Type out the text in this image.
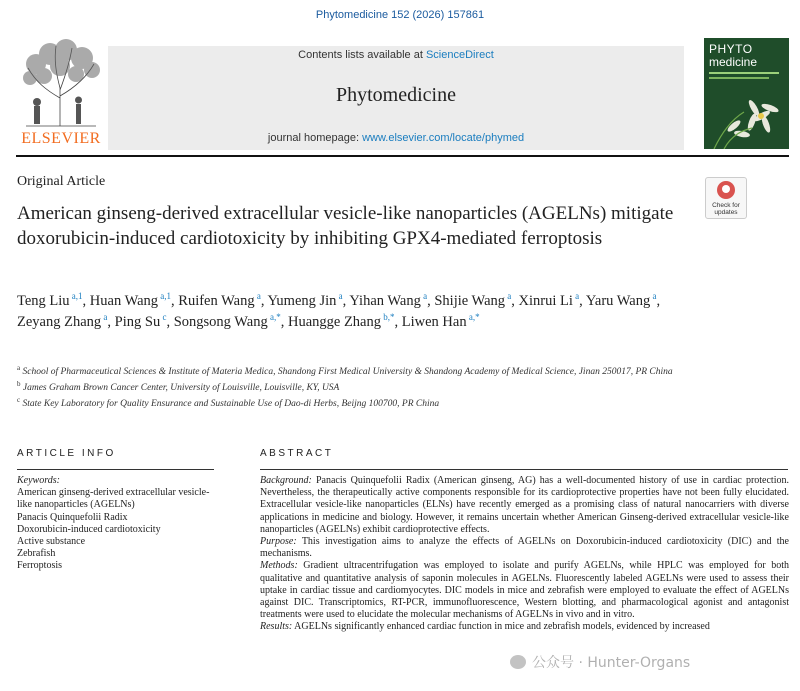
Phytomedicine 152 (2026) 157861
ELSEVIER
Contents lists available at ScienceDirect
Phytomedicine
journal homepage: www.elsevier.com/locate/phymed
PHYTO
medicine
Original Article
Check for updates
American ginseng-derived extracellular vesicle-like nanoparticles (AGELNs) mitigate doxorubicin-induced cardiotoxicity by inhibiting GPX4-mediated ferroptosis
Teng Liu $^{a,1}$, Huan Wang $^{a,1}$, Ruifen Wang $^a$, Yumeng Jin $^a$, Yihan Wang $^a$, Shijie Wang $^a$, Xinrui Li $^a$, Yaru Wang $^a$, Zeyang Zhang $^a$, Ping Su $^c$, Songsong Wang $^{a,*}$, Huangge Zhang $^{b,*}$, Liwen Han $^{a,*}$

$^a$ School of Pharmaceutical Sciences & Institute of Materia Medica, Shandong First Medical University & Shandong Academy of Medical Science, Jinan 250017, PR China

$^b$ James Graham Brown Cancer Center, University of Louisville, Louisville, KY, USA

$^c$ State Key Laboratory for Quality Ensurance and Sustainable Use of Dao-di Herbs, Beijng 100700, PR China

ARTICLE INFO	ABSTRACT
Keywords:
American ginseng-derived extracellular vesicle-like nanoparticles (AGELNs)
Panacis Quinquefolii Radix
Doxorubicin-induced cardiotoxicity
Active substance
Zebrafish
Ferroptosis

Background: Panacis Quinquefolii Radix (American ginseng, AG) has a well-documented history of use in cardiac protection. Nevertheless, the therapeutically active components responsible for its cardioprotective properties have not been fully elucidated. Extracellular vesicle-like nanoparticles (ELNs) have recently emerged as a promising class of natural nanocarriers with diverse applications in medicine and biology. However, it remains uncertain whether American Ginseng-derived extracellular vesicle-like nanoparticles (AGELNs) exhibit cardioprotective effects.

Purpose: This investigation aims to analyze the effects of AGELNs on Doxorubicin-induced cardiotoxicity (DIC) and the mechanisms.

Methods: Gradient ultracentrifugation was employed to isolate and purify AGELNs, while HPLC was employed for both qualitative and quantitative analysis of saponin molecules in AGELNs. Fluorescently labeled AGELNs were used to assess their uptake in cardiac tissue and cardiomyocytes. DIC models in mice and zebrafish were employed to evaluate the effect of AGELNs against DIC. Transcriptomics, RT-PCR, immunofluorescence, Western blotting, and pharmacological agonist and antagonist treatments were used to elucidate the molecular mechanisms of AGELNs in vivo and in vitro.

Results: AGELNs significantly enhanced cardiac function in mice and zebrafish models, evidenced by increased

公众号 · Hunter-Organs
